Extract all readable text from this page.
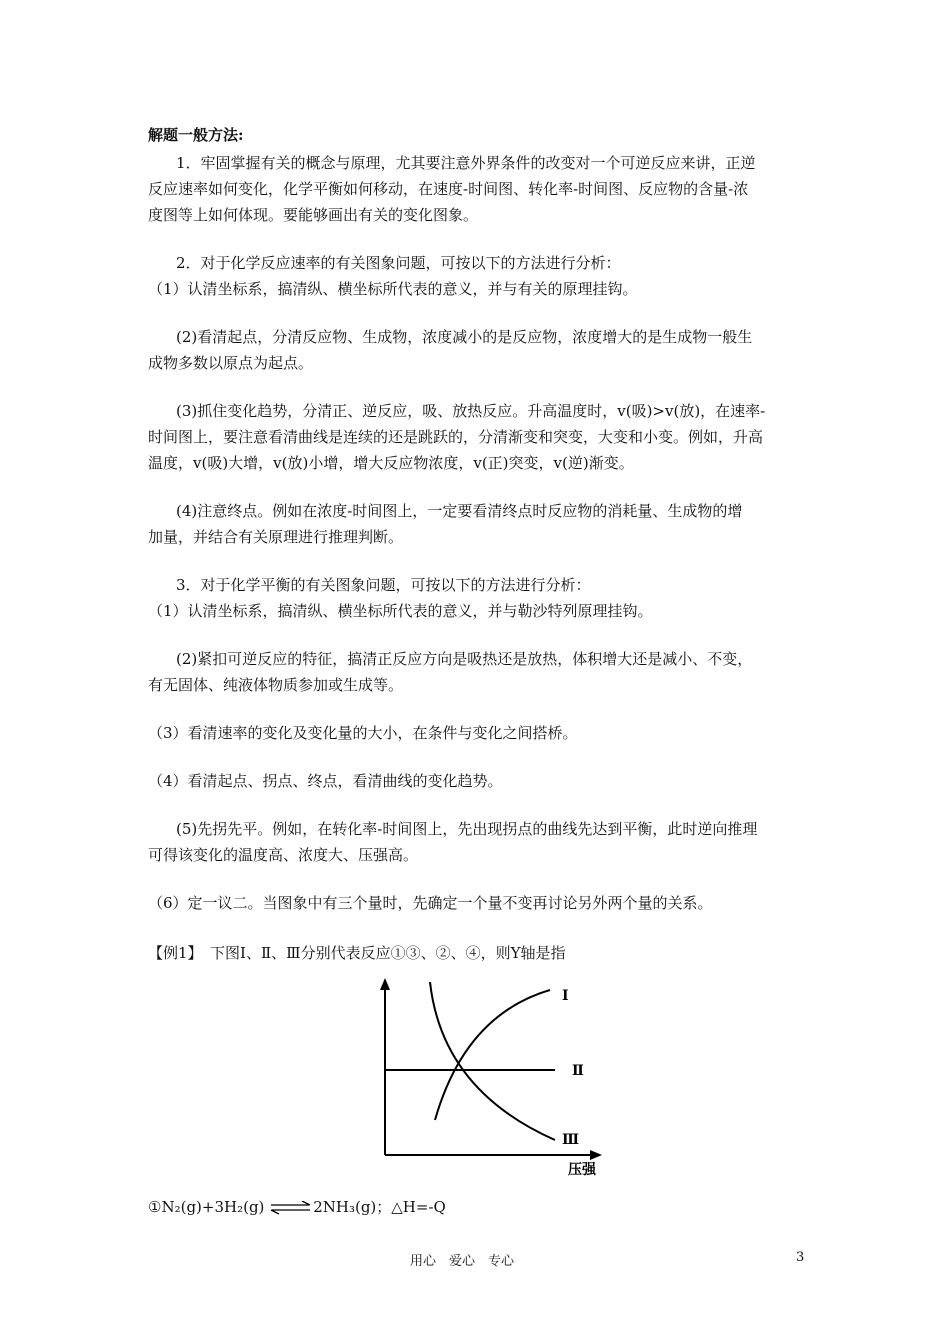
解题一般方法:
1．牢固掌握有关的概念与原理，尤其要注意外界条件的改变对一个可逆反应来讲，正逆
反应速率如何变化，化学平衡如何移动，在速度-时间图、转化率-时间图、反应物的含量-浓
度图等上如何体现。要能够画出有关的变化图象。
2．对于化学反应速率的有关图象问题，可按以下的方法进行分析：
（1）认清坐标系，搞清纵、横坐标所代表的意义，并与有关的原理挂钩。
(2)看清起点，分清反应物、生成物，浓度减小的是反应物，浓度增大的是生成物一般生
成物多数以原点为起点。
(3)抓住变化趋势，分清正、逆反应，吸、放热反应。升高温度时，v(吸)>v(放)，在速率-
时间图上，要注意看清曲线是连续的还是跳跃的，分清渐变和突变，大变和小变。例如，升高
温度，v(吸)大增，v(放)小增，增大反应物浓度，v(正)突变，v(逆)渐变。
(4)注意终点。例如在浓度-时间图上，一定要看清终点时反应物的消耗量、生成物的增
加量，并结合有关原理进行推理判断。
3．对于化学平衡的有关图象问题，可按以下的方法进行分析：
（1）认清坐标系，搞清纵、横坐标所代表的意义，并与勒沙特列原理挂钩。
(2)紧扣可逆反应的特征，搞清正反应方向是吸热还是放热，体积增大还是减小、不变，
有无固体、纯液体物质参加或生成等。
（3）看清速率的变化及变化量的大小，在条件与变化之间搭桥。
（4）看清起点、拐点、终点，看清曲线的变化趋势。
(5)先拐先平。例如，在转化率-时间图上，先出现拐点的曲线先达到平衡，此时逆向推理
可得该变化的温度高、浓度大、压强高。
（6）定一议二。当图象中有三个量时，先确定一个量不变再讨论另外两个量的关系。
【例1】　下图Ⅰ、Ⅱ、Ⅲ分别代表反应①③、②、④，则Y轴是指
Ⅰ
Ⅱ
Ⅲ
压强
①N₂(g)+3H₂(g) ⇌2NH₃(g)；△H=-Q
用心　爱心　专心	3
